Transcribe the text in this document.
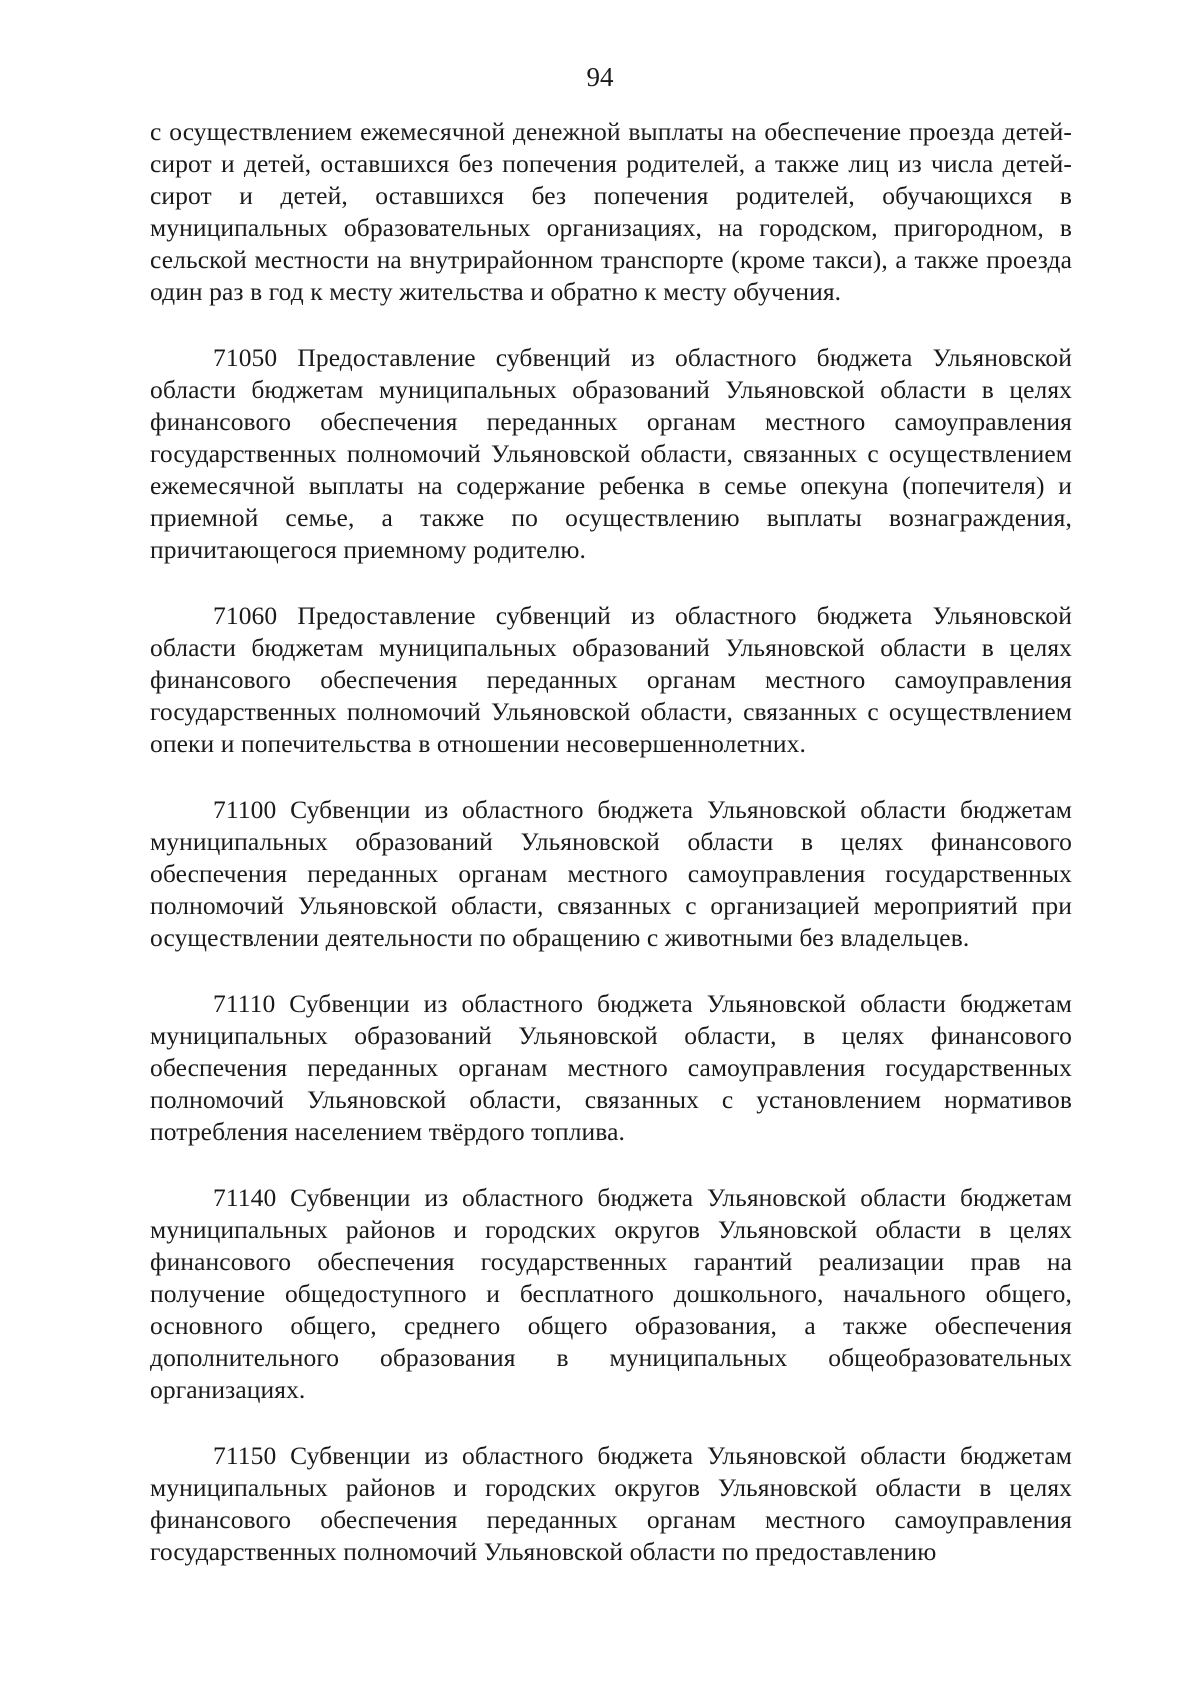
94

с осуществлением ежемесячной денежной выплаты на обеспечение проезда детей-сирот и детей, оставшихся без попечения родителей, а также лиц из числа детей-сирот и детей, оставшихся без попечения родителей, обучающихся в муниципальных образовательных организациях, на городском, пригородном, в сельской местности на внутрирайонном транспорте (кроме такси), а также проезда один раз в год к месту жительства и обратно к месту обучения.

71050 Предоставление субвенций из областного бюджета Ульяновской области бюджетам муниципальных образований Ульяновской области в целях финансового обеспечения переданных органам местного самоуправления государственных полномочий Ульяновской области, связанных с осуществлением ежемесячной выплаты на содержание ребенка в семье опекуна (попечителя) и приемной семье, а также по осуществлению выплаты вознаграждения, причитающегося приемному родителю.

71060 Предоставление субвенций из областного бюджета Ульяновской области бюджетам муниципальных образований Ульяновской области в целях финансового обеспечения переданных органам местного самоуправления государственных полномочий Ульяновской области, связанных с осуществлением опеки и попечительства в отношении несовершеннолетних.

71100 Субвенции из областного бюджета Ульяновской области бюджетам муниципальных образований Ульяновской области в целях финансового обеспечения переданных органам местного самоуправления государственных полномочий Ульяновской области, связанных с организацией мероприятий при осуществлении деятельности по обращению с животными без владельцев.

71110 Субвенции из областного бюджета Ульяновской области бюджетам муниципальных образований Ульяновской области, в целях финансового обеспечения переданных органам местного самоуправления государственных полномочий Ульяновской области, связанных с установлением нормативов потребления населением твёрдого топлива.

71140 Субвенции из областного бюджета Ульяновской области бюджетам муниципальных районов и городских округов Ульяновской области в целях финансового обеспечения государственных гарантий реализации прав на получение общедоступного и бесплатного дошкольного, начального общего, основного общего, среднего общего образования, а также обеспечения дополнительного образования в муниципальных общеобразовательных организациях.

71150 Субвенции из областного бюджета Ульяновской области бюджетам муниципальных районов и городских округов Ульяновской области в целях финансового обеспечения переданных органам местного самоуправления государственных полномочий Ульяновской области по предоставлению
